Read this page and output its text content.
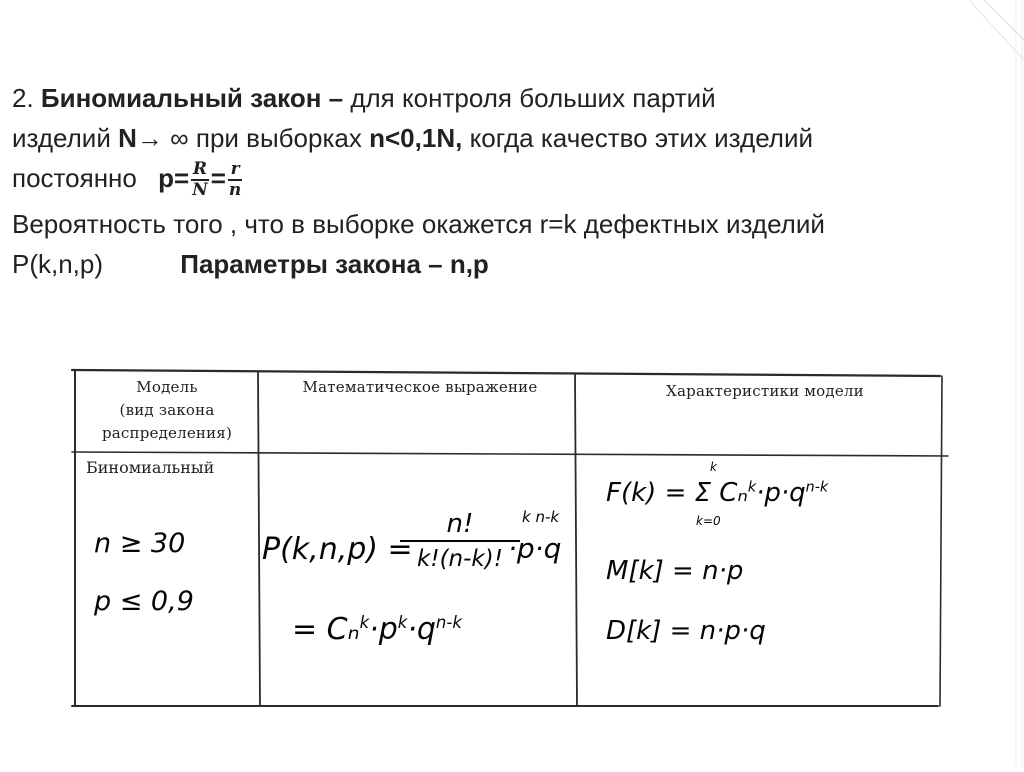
2. Биномиальный закон – для контроля больших партий
изделий N→ ∞ при выборках n<0,1N, когда качество этих изделий
постоянно $p= \frac{R}{N} = \frac{r}{n}$
Вероятность того , что в выборке окажется r=k дефектных изделий
P(k,n,p)	Параметры закона – n,p
Модель
(вид закона
распределения)
Математическое выражение	Характеристики модели
Биномиальный
n ≥ 30
p ≤ 0,9
P(k,n,p) =
n!
k!(n-k)! ·p·q
k n-k
= $C_n^k\cdot p^k\cdot q^{n-k}$
F(k) = Σ $C_n^k\cdot p\cdot q^{n-k}$
k
k=0
M[k] = n·p
D[k] = n·p·q
